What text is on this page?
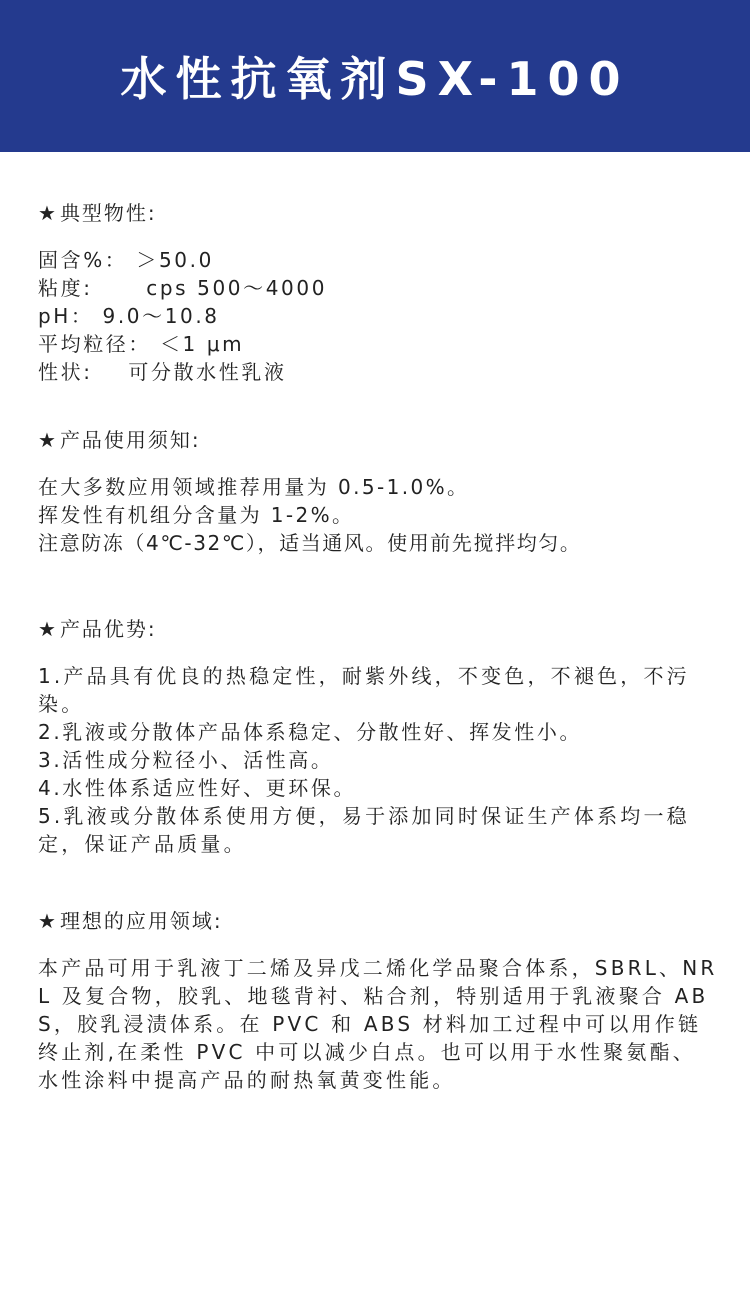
水性抗氧剂SX-100
★ 典型物性:
固含%： ＞50.0
粘度:      cps 500～4000
pH： 9.0～10.8
平均粒径： ＜1 μm
性状:    可分散水性乳液
★ 产品使用须知:
在大多数应用领域推荐用量为 0.5-1.0%。
挥发性有机组分含量为 1-2%。
注意防冻（4℃-32℃），适当通风。使用前先搅拌均匀。
★ 产品优势:
1.产品具有优良的热稳定性，耐紫外线，不变色，不褪色，不污染。
2.乳液或分散体产品体系稳定、分散性好、挥发性小。
3.活性成分粒径小、活性高。
4.水性体系适应性好、更环保。
5.乳液或分散体系使用方便，易于添加同时保证生产体系均一稳定，保证产品质量。
★ 理想的应用领域:
本产品可用于乳液丁二烯及异戊二烯化学品聚合体系，SBRL、NRL 及复合物，胶乳、地毯背衬、粘合剂，特别适用于乳液聚合 ABS，胶乳浸渍体系。在 PVC 和 ABS 材料加工过程中可以用作链终止剂,在柔性 PVC 中可以减少白点。也可以用于水性聚氨酯、水性涂料中提高产品的耐热氧黄变性能。
